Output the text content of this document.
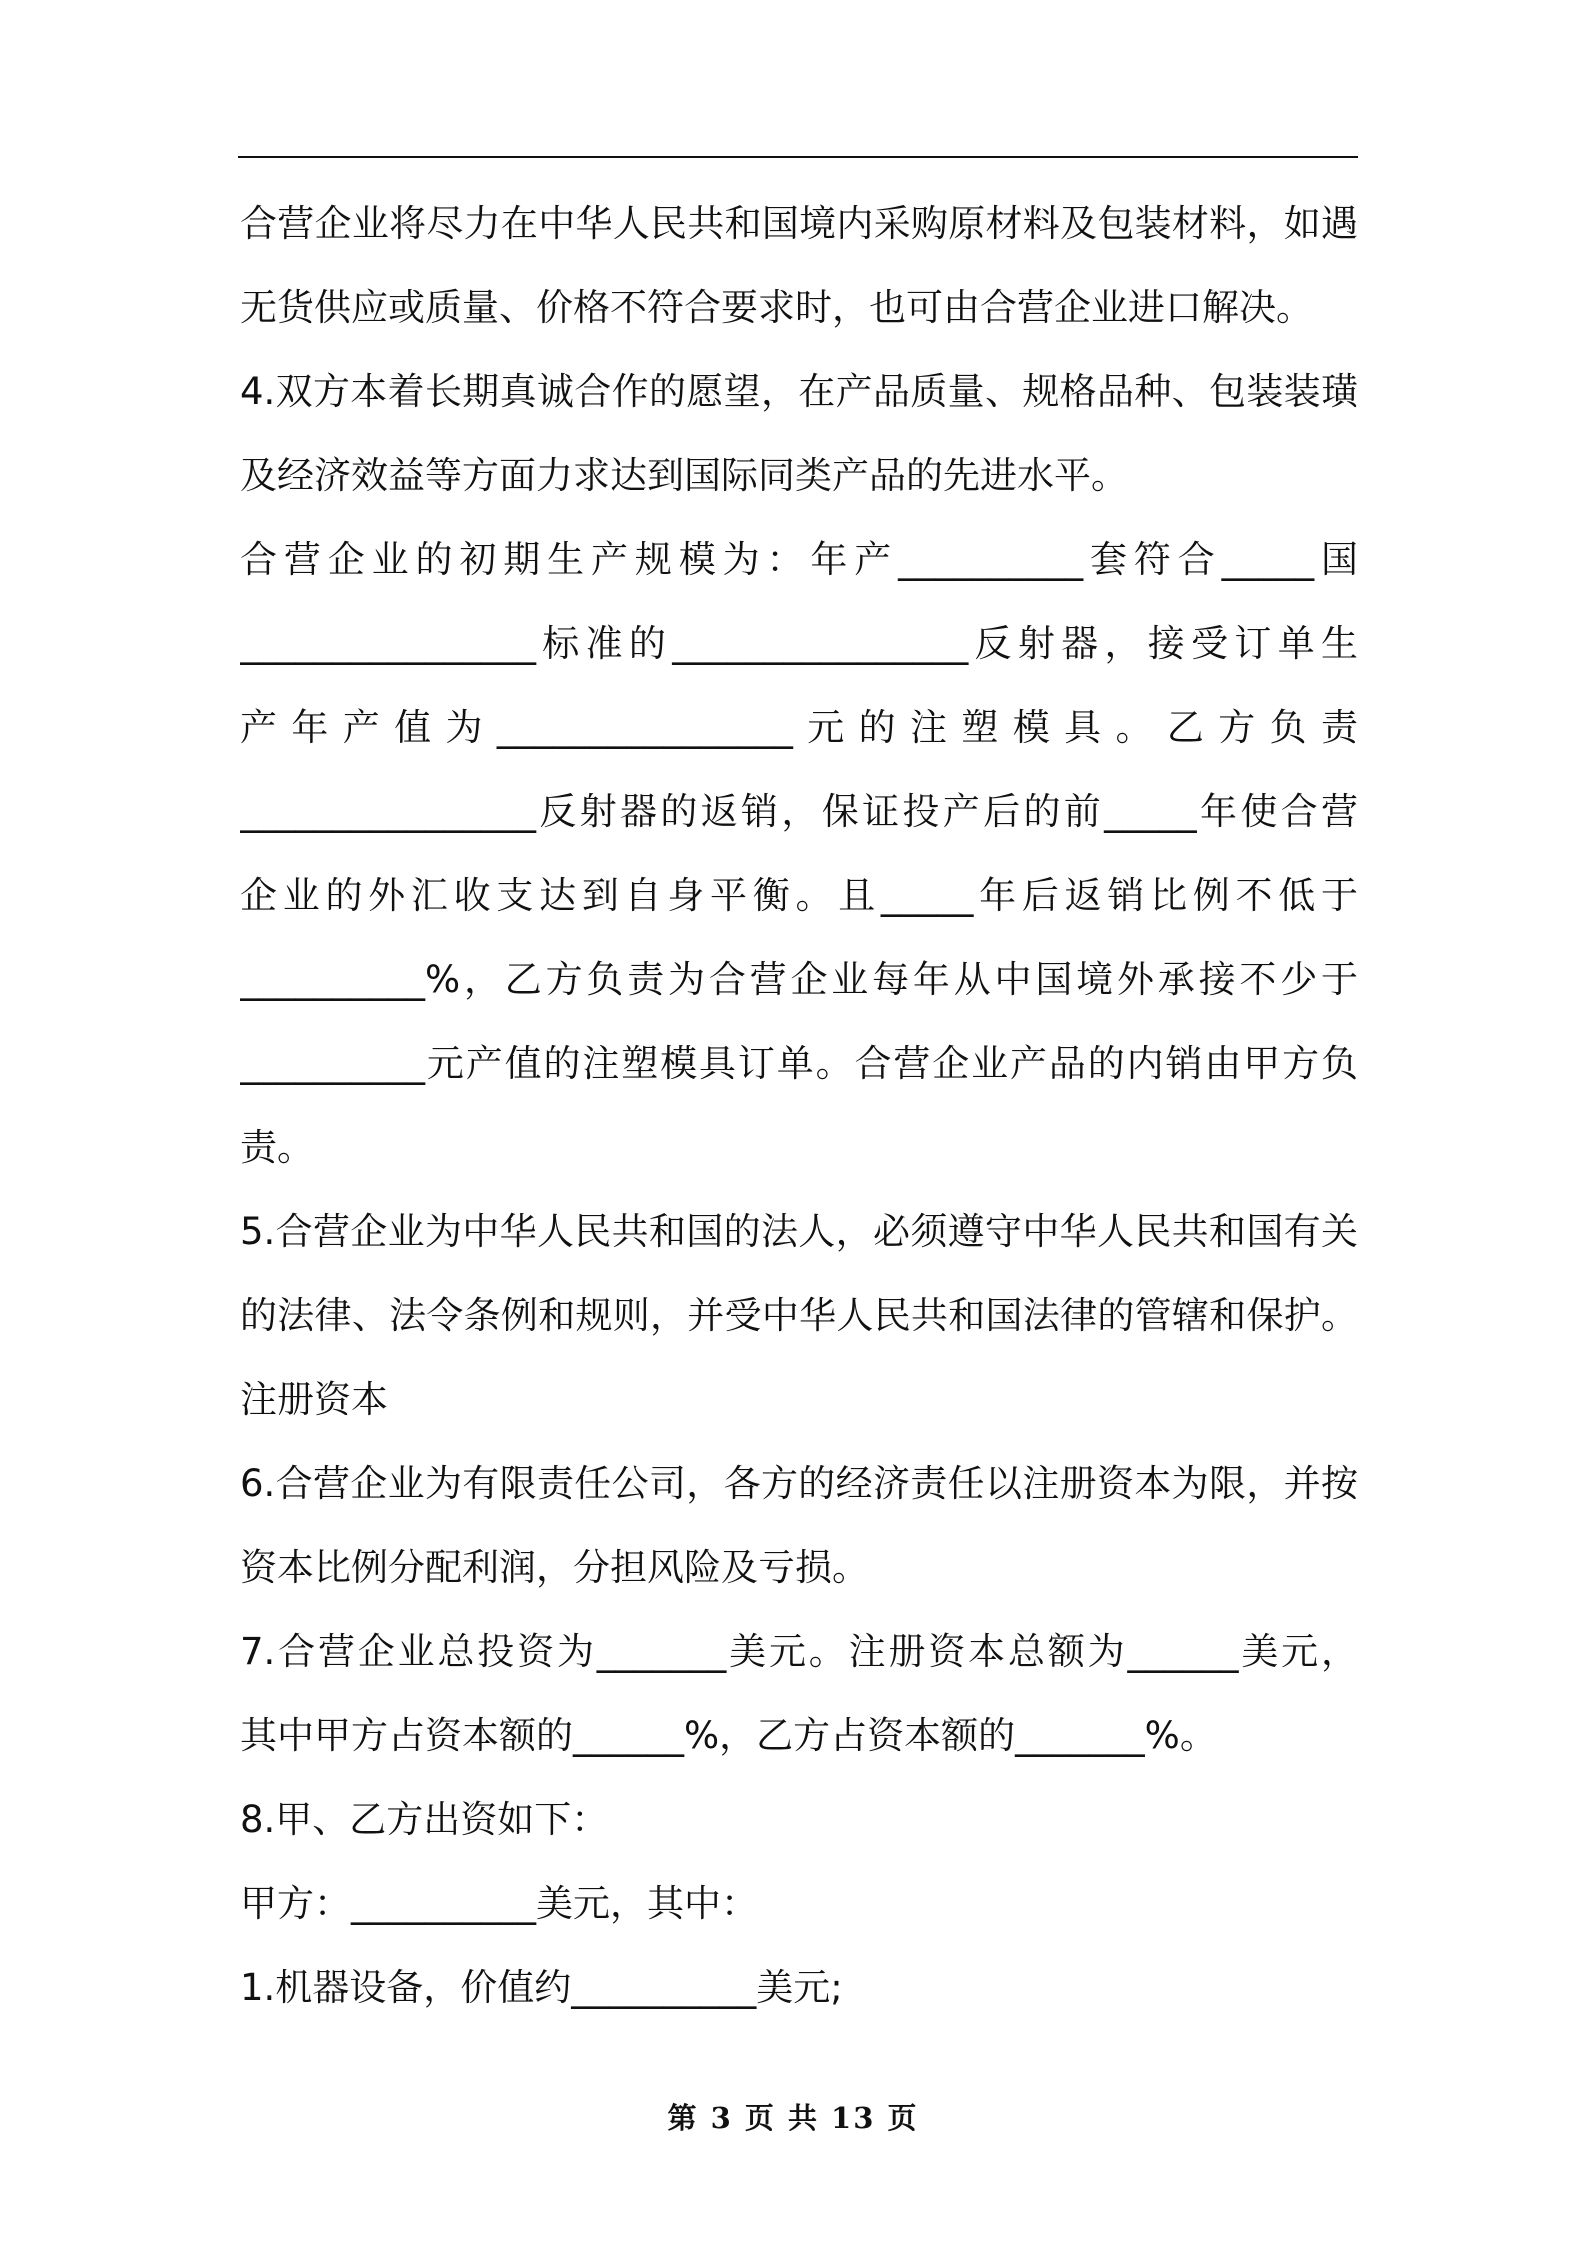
合营企业将尽力在中华人民共和国境内采购原材料及包装材料，如遇
无货供应或质量、价格不符合要求时，也可由合营企业进口解决。
4.双方本着长期真诚合作的愿望，在产品质量、规格品种、包装装璜
及经济效益等方面力求达到国际同类产品的先进水平。
合营企业的初期生产规模为：年产__________套符合_____国
________________标准的________________反射器，接受订单生
产年产值为________________元的注塑模具。乙方负责
________________反射器的返销，保证投产后的前_____年使合营
企业的外汇收支达到自身平衡。且_____年后返销比例不低于
__________%，乙方负责为合营企业每年从中国境外承接不少于
__________元产值的注塑模具订单。合营企业产品的内销由甲方负
责。
5.合营企业为中华人民共和国的法人，必须遵守中华人民共和国有关
的法律、法令条例和规则，并受中华人民共和国法律的管辖和保护。
注册资本
6.合营企业为有限责任公司，各方的经济责任以注册资本为限，并按
资本比例分配利润，分担风险及亏损。
7.合营企业总投资为_______美元。注册资本总额为______美元，
其中甲方占资本额的______%，乙方占资本额的_______%。
8.甲、乙方出资如下：
甲方：__________美元，其中：
1.机器设备，价值约__________美元;
第 3 页 共 13 页
